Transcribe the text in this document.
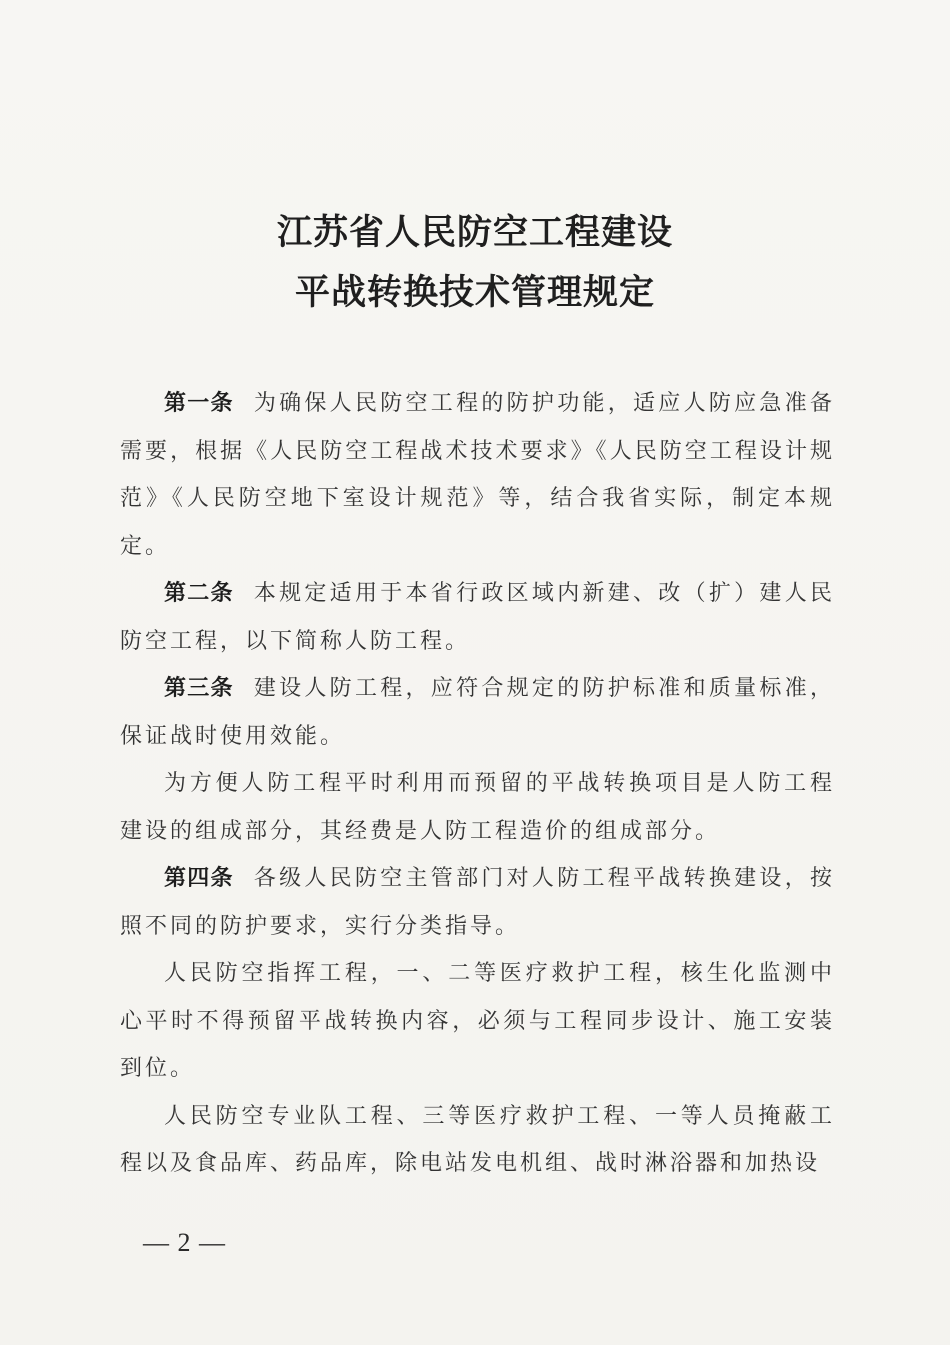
江苏省人民防空工程建设
平战转换技术管理规定

第一条 为确保人民防空工程的防护功能，适应人防应急准备需要，根据《人民防空工程战术技术要求》《人民防空工程设计规范》《人民防空地下室设计规范》等，结合我省实际，制定本规定。

第二条 本规定适用于本省行政区域内新建、改（扩）建人民防空工程，以下简称人防工程。

第三条 建设人防工程，应符合规定的防护标准和质量标准，保证战时使用效能。

为方便人防工程平时利用而预留的平战转换项目是人防工程建设的组成部分，其经费是人防工程造价的组成部分。

第四条 各级人民防空主管部门对人防工程平战转换建设，按照不同的防护要求，实行分类指导。

人民防空指挥工程，一、二等医疗救护工程，核生化监测中心平时不得预留平战转换内容，必须与工程同步设计、施工安装到位。

人民防空专业队工程、三等医疗救护工程、一等人员掩蔽工程以及食品库、药品库，除电站发电机组、战时淋浴器和加热设

— 2 —
